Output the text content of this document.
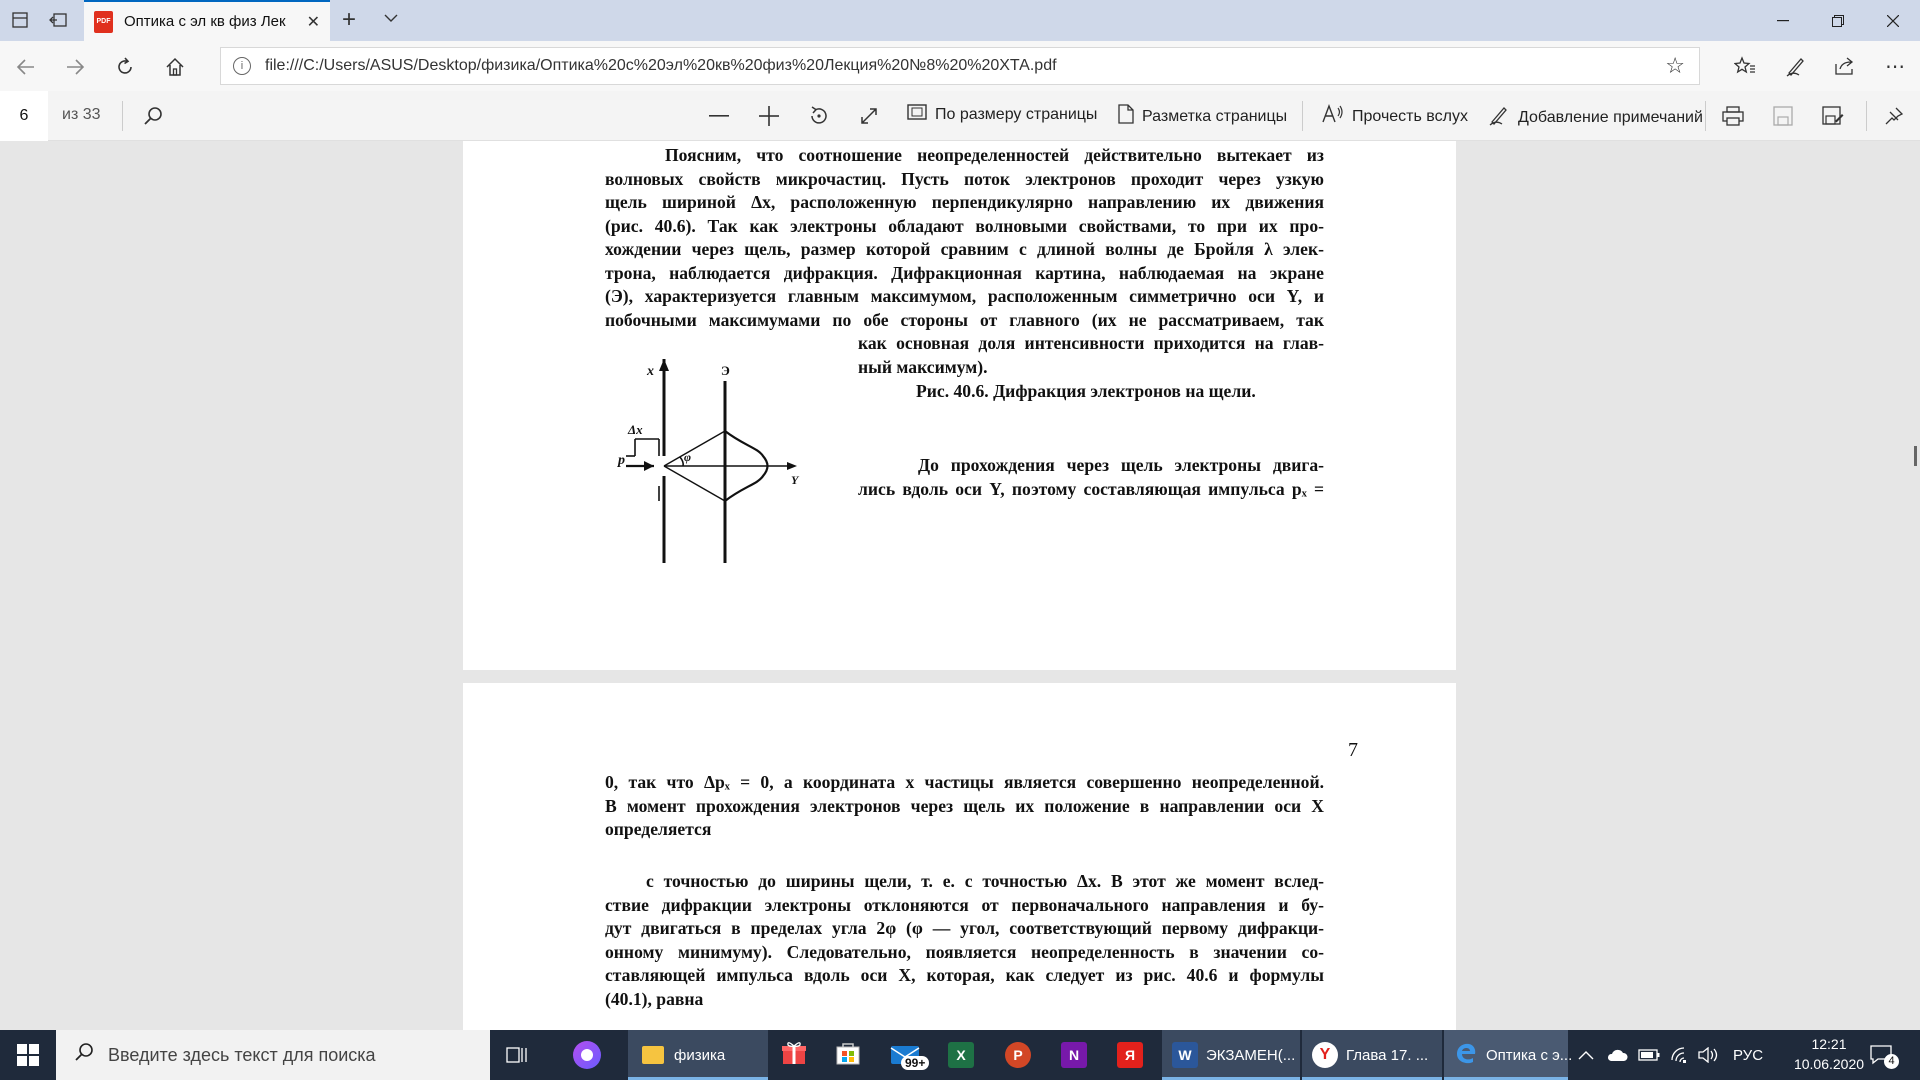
PDF Оптика с эл кв физ Лек	✕ +
i	file:///C:/Users/ASUS/Desktop/физика/Оптика%20с%20эл%20кв%20физ%20Лекция%20№8%20%20ХТА.pdf	☆	⋯
6	из 33	По размеру страницы	Разметка страницы	Прочесть вслух	Добавление примечаний
Поясним, что соотношение неопределенностей действительно вытекает из
волновых свойств микрочастиц. Пусть поток электронов проходит через узкую
щель шириной Δx, расположенную перпендикулярно направлению их движения
(рис. 40.6). Так как электроны обладают волновыми свойствами, то при их про-
хождении через щель, размер которой сравним с длиной волны де Бройля λ элек-
трона, наблюдается дифракция. Дифракционная картина, наблюдаемая на экране
(Э), характеризуется главным максимумом, расположенным симметрично оси Y, и
побочными максимумами по обе стороны от главного (их не рассматриваем, так
как основная доля интенсивности приходится на глав-
ный максимум).
x	Э
Δx
p	φ
Y
Рис. 40.6. Дифракция электронов на щели.
До прохождения через щель электроны двига-
лись вдоль оси Y, поэтому составляющая импульса pₓ =
7
0, так что Δpₓ = 0, а координата x частицы является совершенно неопределенной.
В момент прохождения электронов через щель их положение в направлении оси X
определяется
с точностью до ширины щели, т. е. с точностью Δx. В этот же момент вслед-
ствие дифракции электроны отклоняются от первоначального направления и бу-
дут двигаться в пределах угла 2φ (φ — угол, соответствующий первому дифракци-
онному минимуму). Следовательно, появляется неопределенность в значении со-
ставляющей импульса вдоль оси X, которая, как следует из рис. 40.6 и формулы
(40.1), равна
Введите здесь текст для поиска	физика	99+	X	P	N	Я	W ЭКЗАМЕН(...	Y	Глава 17. ...	Оптика с э...	РУС
12:21
10.06.2020	4
